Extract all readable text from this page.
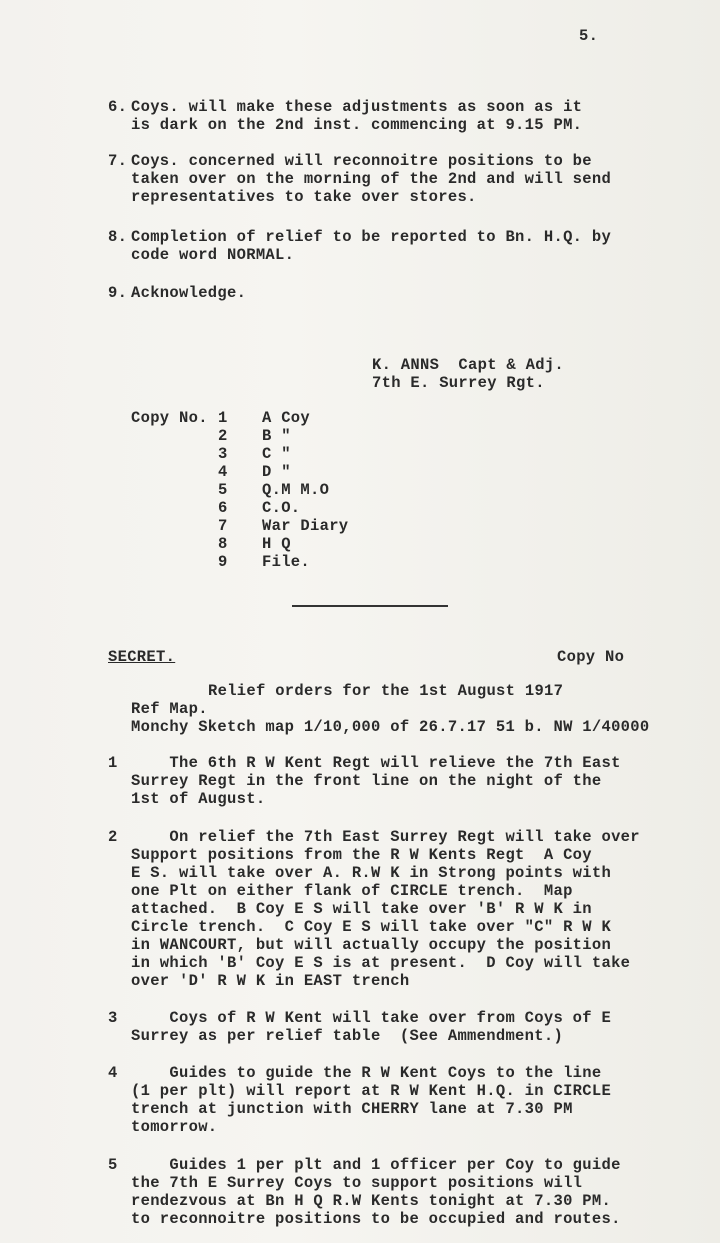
5.
6. Coys. will make these adjustments as soon as it
is dark on the 2nd inst. commencing at 9.15 PM.
7. Coys. concerned will reconnoitre positions to be
taken over on the morning of the 2nd and will send
representatives to take over stores.
8. Completion of relief to be reported to Bn. H.Q. by
code word NORMAL.
9. Acknowledge.
K. ANNS  Capt & Adj.
7th E. Surrey Rgt.
Copy No. 1 A Coy
2 B "
3 C "
4 D "
5 Q.M M.O
6 C.O.
7 War Diary
8 H Q
9 File.
SECRET.	Copy No
Relief orders for the 1st August 1917
Ref Map.
Monchy Sketch map 1/10,000 of 26.7.17 51 b. NW 1/40000
1 The 6th R W Kent Regt will relieve the 7th East
Surrey Regt in the front line on the night of the
1st of August.
2 On relief the 7th East Surrey Regt will take over
Support positions from the R W Kents Regt  A Coy
E S. will take over A. R.W K in Strong points with
one Plt on either flank of CIRCLE trench.  Map
attached.  B Coy E S will take over 'B' R W K in
Circle trench.  C Coy E S will take over "C" R W K
in WANCOURT, but will actually occupy the position
in which 'B' Coy E S is at present.  D Coy will take
over 'D' R W K in EAST trench
3 Coys of R W Kent will take over from Coys of E
Surrey as per relief table  (See Ammendment.)
4 Guides to guide the R W Kent Coys to the line
(1 per plt) will report at R W Kent H.Q. in CIRCLE
trench at junction with CHERRY lane at 7.30 PM
tomorrow.
5 Guides 1 per plt and 1 officer per Coy to guide
the 7th E Surrey Coys to support positions will
rendezvous at Bn H Q R.W Kents tonight at 7.30 PM.
to reconnoitre positions to be occupied and routes.
